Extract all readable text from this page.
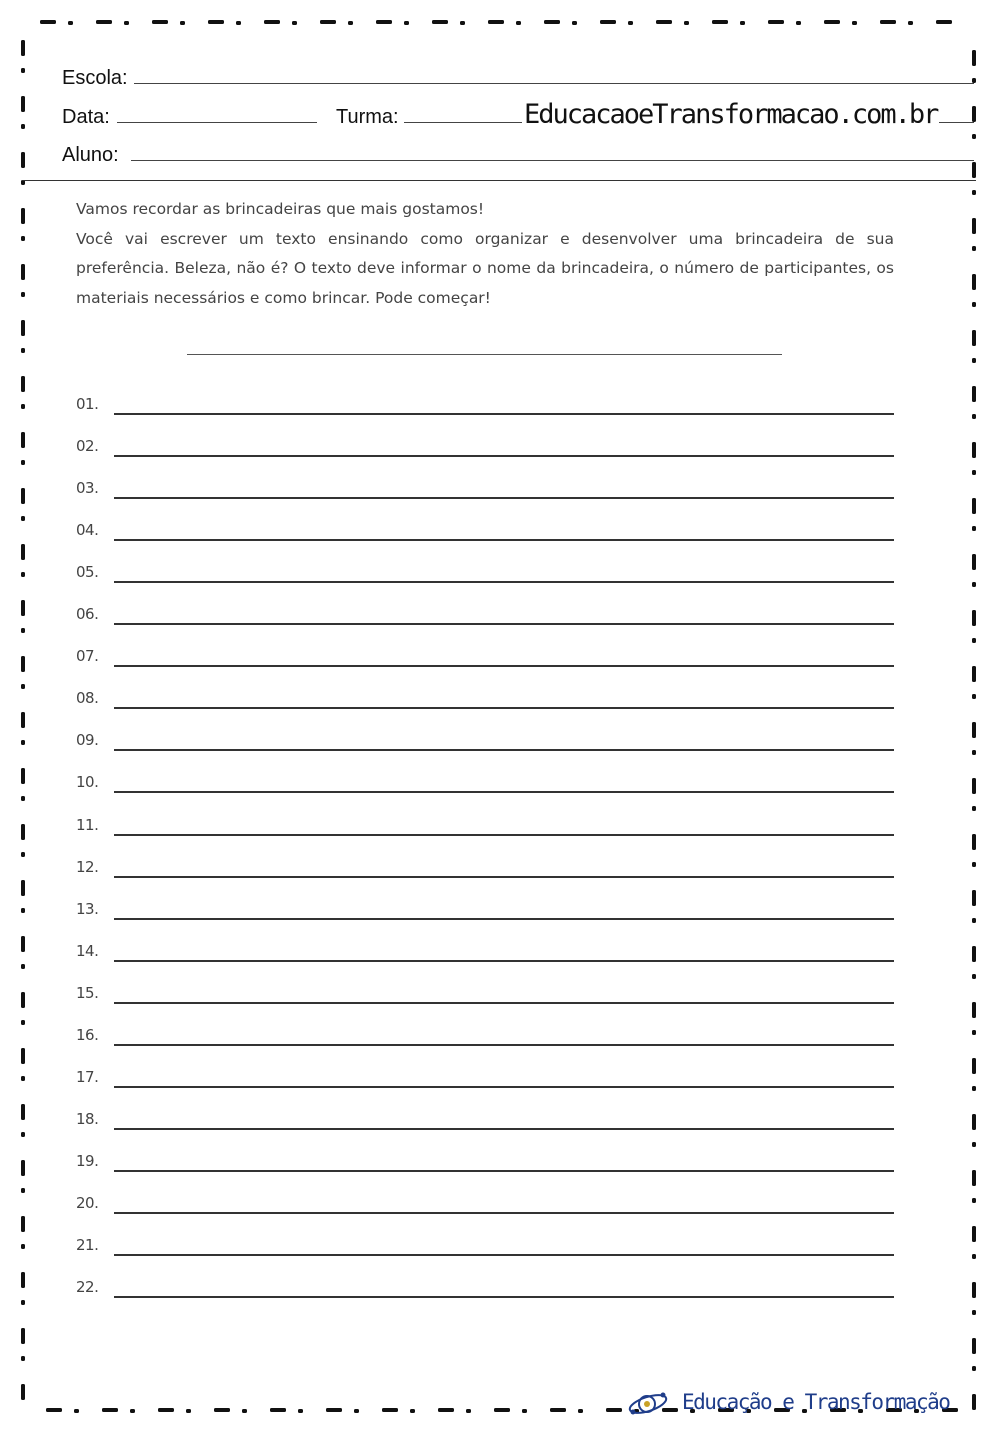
Escola:
Data:	Turma:	EducacaoeTransformacao.com.br
Aluno:

Vamos recordar as brincadeiras que mais gostamos!

Você vai escrever um texto ensinando como organizar e desenvolver uma brincadeira de sua preferência. Beleza, não é? O texto deve informar o nome da brincadeira, o número de participantes, os materiais necessários e como brincar. Pode começar!

01.
02.
03.
04.
05.
06.
07.
08.
09.
10.
11.
12.
13.
14.
15.
16.
17.
18.
19.
20.
21.
22.
Educação e Transformação
